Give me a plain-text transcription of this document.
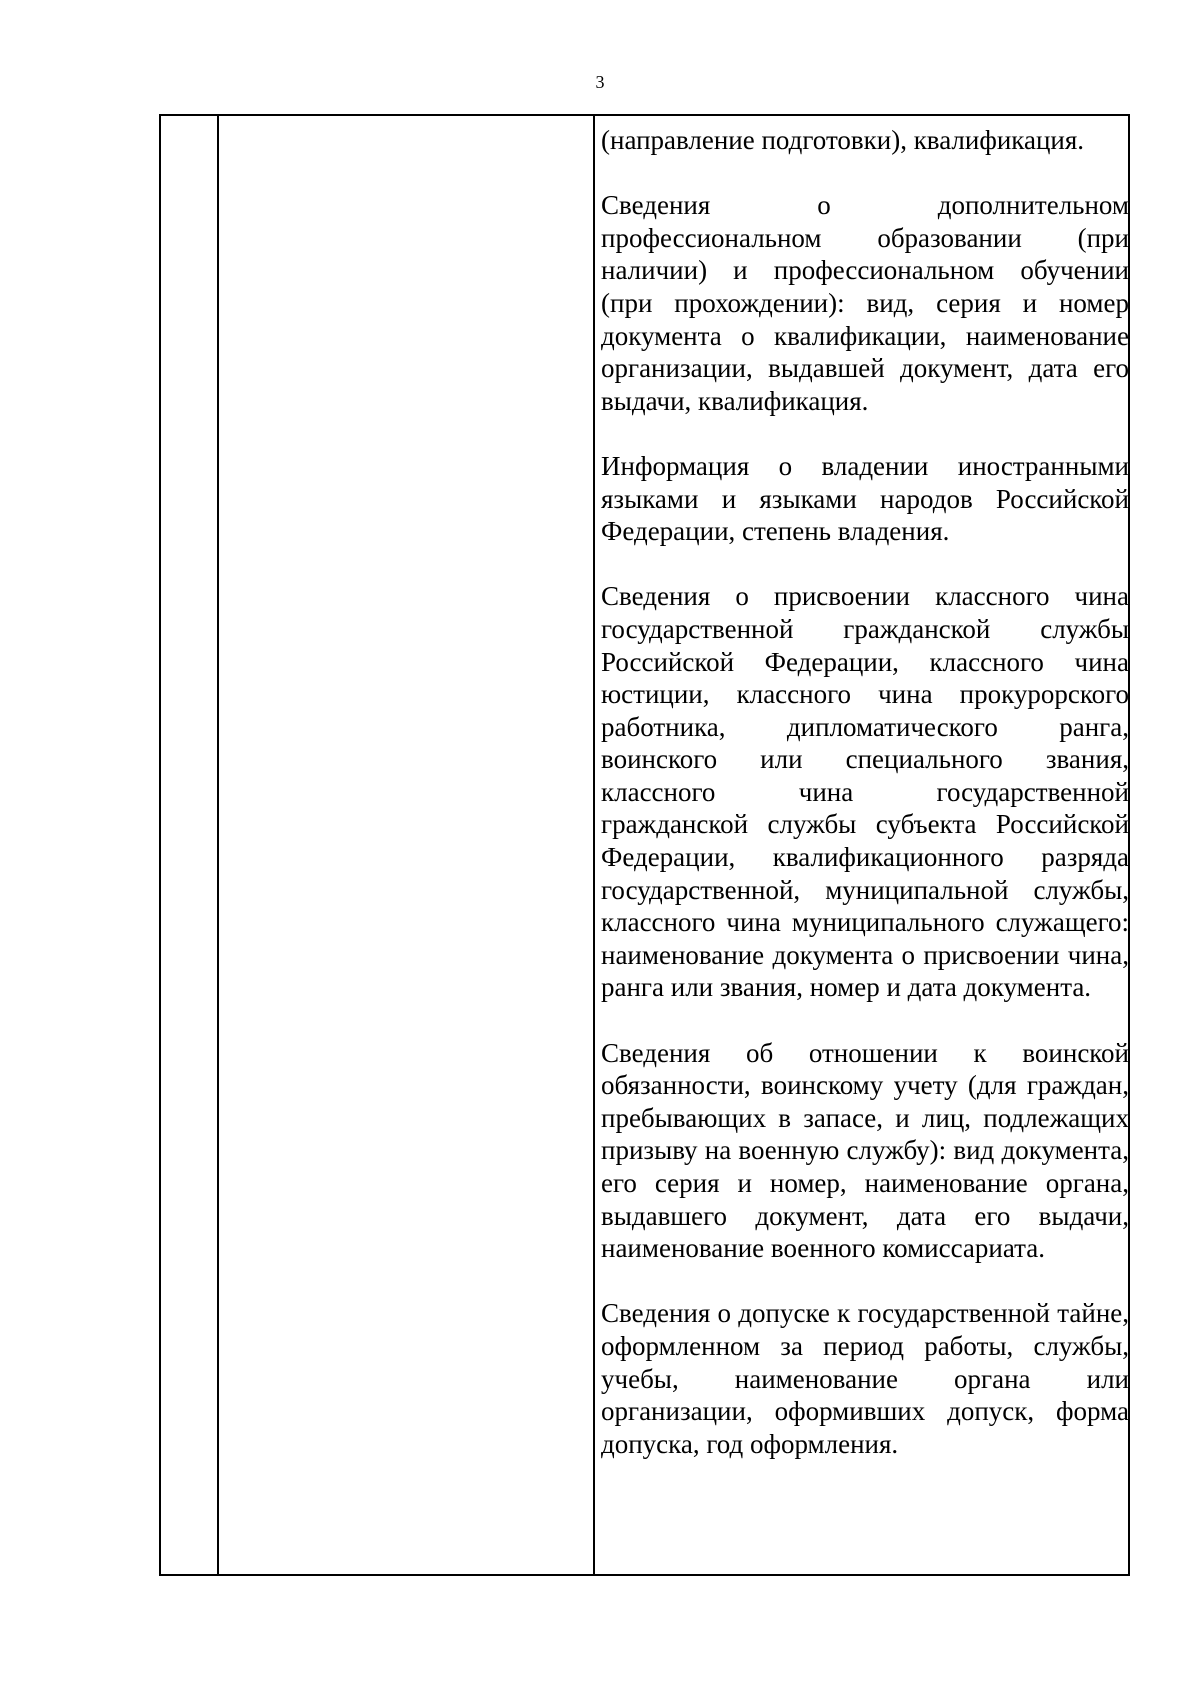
3

(направление подготовки), квалификация.

Сведения о дополнительном профессиональном образовании (при наличии) и профессиональном обучении (при прохождении): вид, серия и номер документа о квалификации, наименование организации, выдавшей документ, дата его выдачи, квалификация.

Информация о владении иностранными языками и языками народов Российской Федерации, степень владения.

Сведения о присвоении классного чина государственной гражданской службы Российской Федерации, классного чина юстиции, классного чина прокурорского работника, дипломатического ранга, воинского или специального звания, классного чина государственной гражданской службы субъекта Российской Федерации, квалификационного разряда государственной, муниципальной службы, классного чина муниципального служащего: наименование документа о присвоении чина, ранга или звания, номер и дата документа.

Сведения об отношении к воинской обязанности, воинскому учету (для граждан, пребывающих в запасе, и лиц, подлежащих призыву на военную службу): вид документа, его серия и номер, наименование органа, выдавшего документ, дата его выдачи, наименование военного комиссариата.

Сведения о допуске к государственной тайне, оформленном за период работы, службы, учебы, наименование органа или организации, оформивших допуск, форма допуска, год оформления.
